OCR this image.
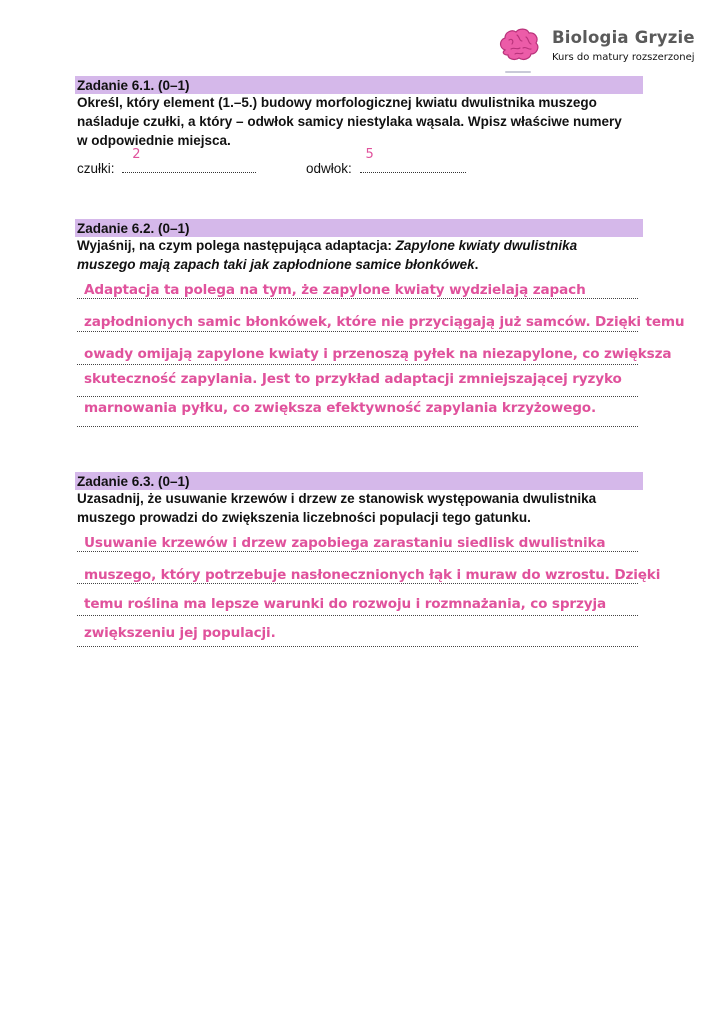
Biologia Gryzie
Kurs do matury rozszerzonej
Zadanie 6.1. (0–1)
Określ, który element (1.–5.) budowy morfologicznej kwiatu dwulistnika muszego
naśladuje czułki, a który – odwłok samicy niestylaka wąsala. Wpisz właściwe numery
w odpowiednie miejsca.
czułki:
2
odwłok:
5
Zadanie 6.2. (0–1)
Wyjaśnij, na czym polega następująca adaptacja: Zapylone kwiaty dwulistnika
muszego mają zapach taki jak zapłodnione samice błonkówek.
Adaptacja ta polega na tym, że zapylone kwiaty wydzielają zapach
zapłodnionych samic błonkówek, które nie przyciągają już samców. Dzięki temu
owady omijają zapylone kwiaty i przenoszą pyłek na niezapylone, co zwiększa
skuteczność zapylania. Jest to przykład adaptacji zmniejszającej ryzyko
marnowania pyłku, co zwiększa efektywność zapylania krzyżowego.
Zadanie 6.3. (0–1)
Uzasadnij, że usuwanie krzewów i drzew ze stanowisk występowania dwulistnika
muszego prowadzi do zwiększenia liczebności populacji tego gatunku.
Usuwanie krzewów i drzew zapobiega zarastaniu siedlisk dwulistnika
muszego, który potrzebuje nasłonecznionych łąk i muraw do wzrostu. Dzięki
temu roślina ma lepsze warunki do rozwoju i rozmnażania, co sprzyja
zwiększeniu jej populacji.
